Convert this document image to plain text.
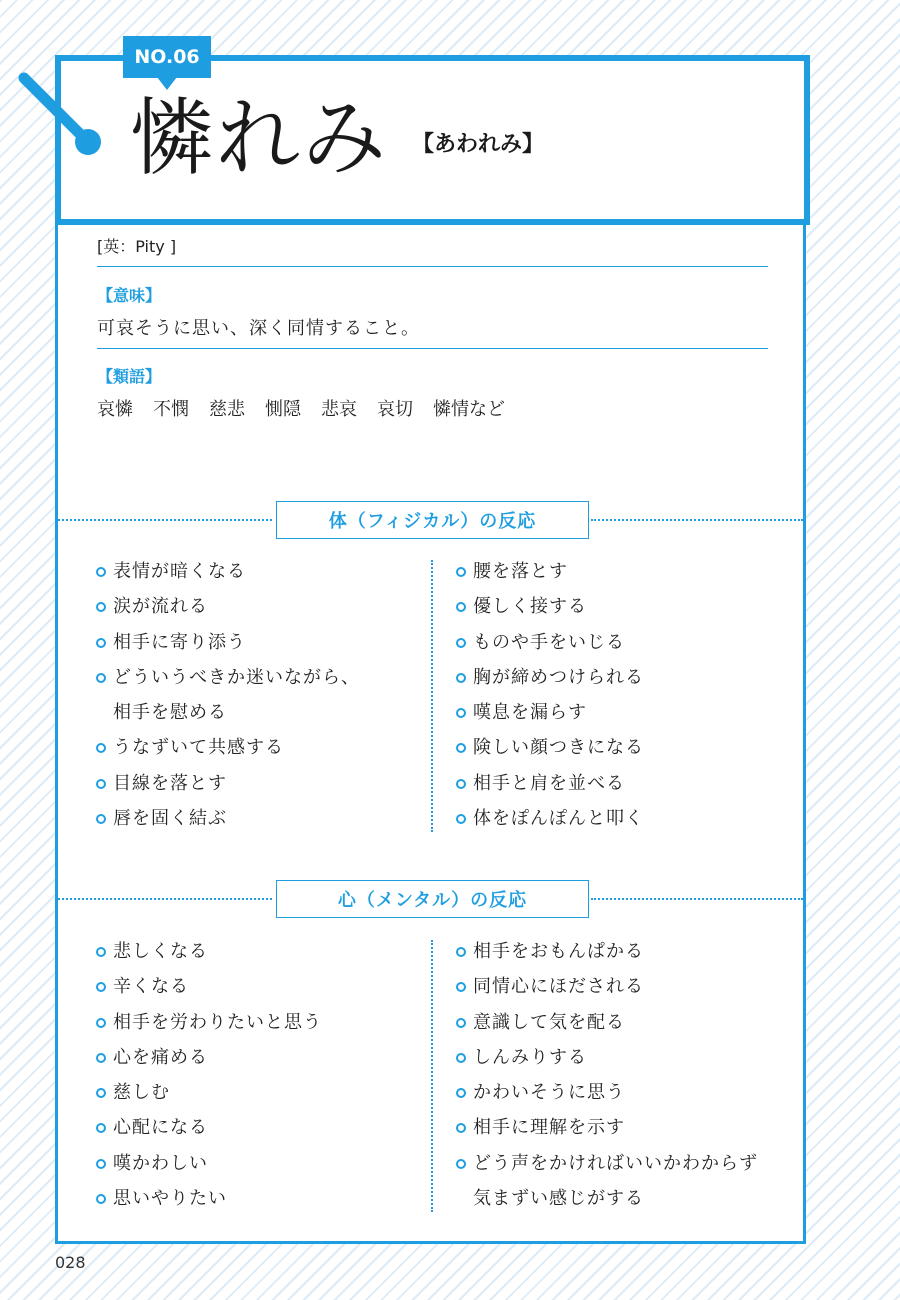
NO.06
憐れみ 【あわれみ】
[英：Pity ]
【意味】
可哀そうに思い、深く同情すること。
【類語】
哀憐 不憫 慈悲 惻隠 悲哀 哀切 憐情など
体（フィジカル）の反応
表情が暗くなる
涙が流れる
相手に寄り添う
どういうべきか迷いながら、
相手を慰める
うなずいて共感する
目線を落とす
唇を固く結ぶ
腰を落とす
優しく接する
ものや手をいじる
胸が締めつけられる
嘆息を漏らす
険しい顔つきになる
相手と肩を並べる
体をぽんぽんと叩く
心（メンタル）の反応
悲しくなる
辛くなる
相手を労わりたいと思う
心を痛める
慈しむ
心配になる
嘆かわしい
思いやりたい
相手をおもんぱかる
同情心にほだされる
意識して気を配る
しんみりする
かわいそうに思う
相手に理解を示す
どう声をかければいいかわからず
気まずい感じがする
028
